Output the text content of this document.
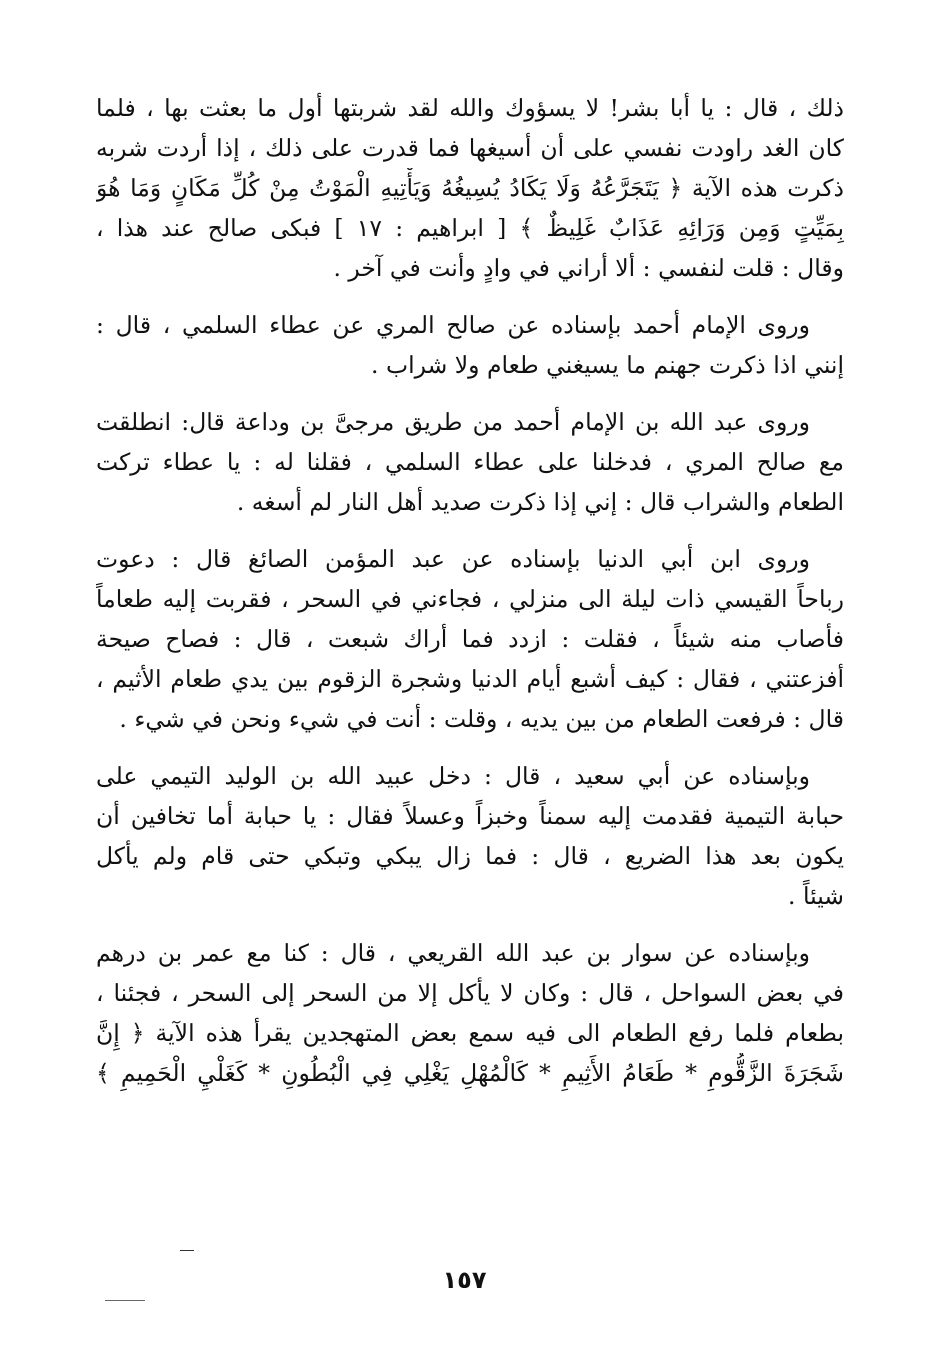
ذلك ، قال : يا أبا بشر! لا يسؤوك والله لقد شربتها أول ما بعثت بها ، فلما
كان الغد راودت نفسي على أن أسيغها فما قدرت على ذلك ، إذا أردت شربه
ذكرت هذه الآية ﴿ يَتَجَرَّعُهُ وَلَا يَكَادُ يُسِيغُهُ وَيَأْتِيهِ الْمَوْتُ مِنْ كُلِّ مَكَانٍ وَمَا هُوَ
بِمَيِّتٍ وَمِن وَرَائِهِ عَذَابٌ غَلِيظٌ ﴾ [ ابراهيم : ١٧ ] فبكى صالح عند هذا ،
وقال : قلت لنفسي : ألا أراني في وادٍ وأنت في آخر .
وروى الإمام أحمد بإسناده عن صالح المري عن عطاء السلمي ، قال :
إنني اذا ذكرت جهنم ما يسيغني طعام ولا شراب .
وروى عبد الله بن الإمام أحمد من طريق مرجىَّ بن وداعة قال: انطلقت
مع صالح المري ، فدخلنا على عطاء السلمي ، فقلنا له : يا عطاء تركت
الطعام والشراب قال : إني إذا ذكرت صديد أهل النار لم أسغه .
وروى ابن أبي الدنيا بإسناده عن عبد المؤمن الصائغ قال : دعوت
رباحاً القيسي ذات ليلة الى منزلي ، فجاءني في السحر ، فقربت إليه طعاماً
فأصاب منه شيئاً ، فقلت : ازدد فما أراك شبعت ، قال : فصاح صيحة
أفزعتني ، فقال : كيف أشبع أيام الدنيا وشجرة الزقوم بين يدي طعام الأثيم ،
قال : فرفعت الطعام من بين يديه ، وقلت : أنت في شيء ونحن في شيء .
وبإسناده عن أبي سعيد ، قال : دخل عبيد الله بن الوليد التيمي على
حبابة التيمية فقدمت إليه سمناً وخبزاً وعسلاً فقال : يا حبابة أما تخافين أن
يكون بعد هذا الضريع ، قال : فما زال يبكي وتبكي حتى قام ولم يأكل
شيئاً .
وبإسناده عن سوار بن عبد الله القريعي ، قال : كنا مع عمر بن درهم
في بعض السواحل ، قال : وكان لا يأكل إلا من السحر إلى السحر ، فجئنا ،
بطعام فلما رفع الطعام الى فيه سمع بعض المتهجدين يقرأ هذه الآية ﴿ إِنَّ
شَجَرَةَ الزَّقُّومِ * طَعَامُ الأَثِيمِ * كَالْمُهْلِ يَغْلِي فِي الْبُطُونِ * كَغَلْيِ الْحَمِيمِ ﴾
١٥٧
